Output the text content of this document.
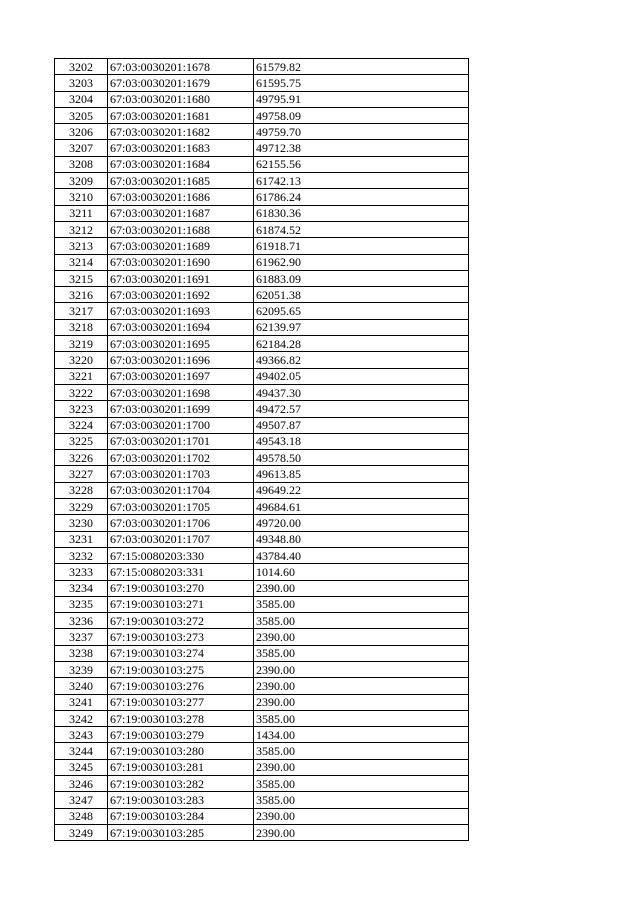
3202	67:03:0030201:1678	61579.82
3203	67:03:0030201:1679	61595.75
3204	67:03:0030201:1680	49795.91
3205	67:03:0030201:1681	49758.09
3206	67:03:0030201:1682	49759.70
3207	67:03:0030201:1683	49712.38
3208	67:03:0030201:1684	62155.56
3209	67:03:0030201:1685	61742.13
3210	67:03:0030201:1686	61786.24
3211	67:03:0030201:1687	61830.36
3212	67:03:0030201:1688	61874.52
3213	67:03:0030201:1689	61918.71
3214	67:03:0030201:1690	61962.90
3215	67:03:0030201:1691	61883.09
3216	67:03:0030201:1692	62051.38
3217	67:03:0030201:1693	62095.65
3218	67:03:0030201:1694	62139.97
3219	67:03:0030201:1695	62184.28
3220	67:03:0030201:1696	49366.82
3221	67:03:0030201:1697	49402.05
3222	67:03:0030201:1698	49437.30
3223	67:03:0030201:1699	49472.57
3224	67:03:0030201:1700	49507.87
3225	67:03:0030201:1701	49543.18
3226	67:03:0030201:1702	49578.50
3227	67:03:0030201:1703	49613.85
3228	67:03:0030201:1704	49649.22
3229	67:03:0030201:1705	49684.61
3230	67:03:0030201:1706	49720.00
3231	67:03:0030201:1707	49348.80
3232	67:15:0080203:330	43784.40
3233	67:15:0080203:331	1014.60
3234	67:19:0030103:270	2390.00
3235	67:19:0030103:271	3585.00
3236	67:19:0030103:272	3585.00
3237	67:19:0030103:273	2390.00
3238	67:19:0030103:274	3585.00
3239	67:19:0030103:275	2390.00
3240	67:19:0030103:276	2390.00
3241	67:19:0030103:277	2390.00
3242	67:19:0030103:278	3585.00
3243	67:19:0030103:279	1434.00
3244	67:19:0030103:280	3585.00
3245	67:19:0030103:281	2390.00
3246	67:19:0030103:282	3585.00
3247	67:19:0030103:283	3585.00
3248	67:19:0030103:284	2390.00
3249	67:19:0030103:285	2390.00
